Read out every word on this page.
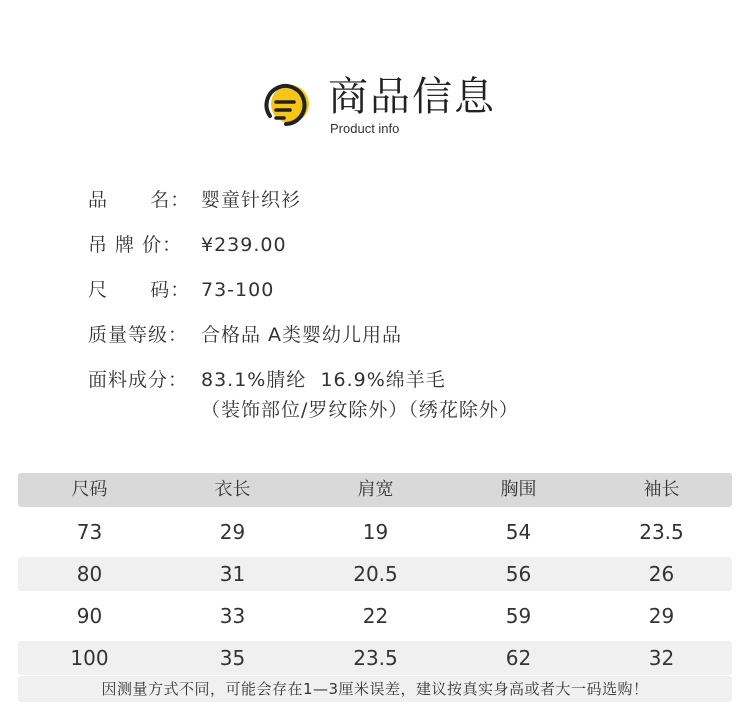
商品信息
Product info
品      名： 婴童针织衫
吊 牌 价： ¥239.00
尺      码： 73-100
质量等级： 合格品 A类婴幼儿用品
面料成分： 83.1%腈纶  16.9%绵羊毛
（装饰部位/罗纹除外）（绣花除外）
尺码	衣长	肩宽	胸围	袖长
73	29	19	54	23.5
80	31	20.5	56	26
90	33	22	59	29
100	35	23.5	62	32
因测量方式不同，可能会存在1—3厘米误差，建议按真实身高或者大一码选购！
